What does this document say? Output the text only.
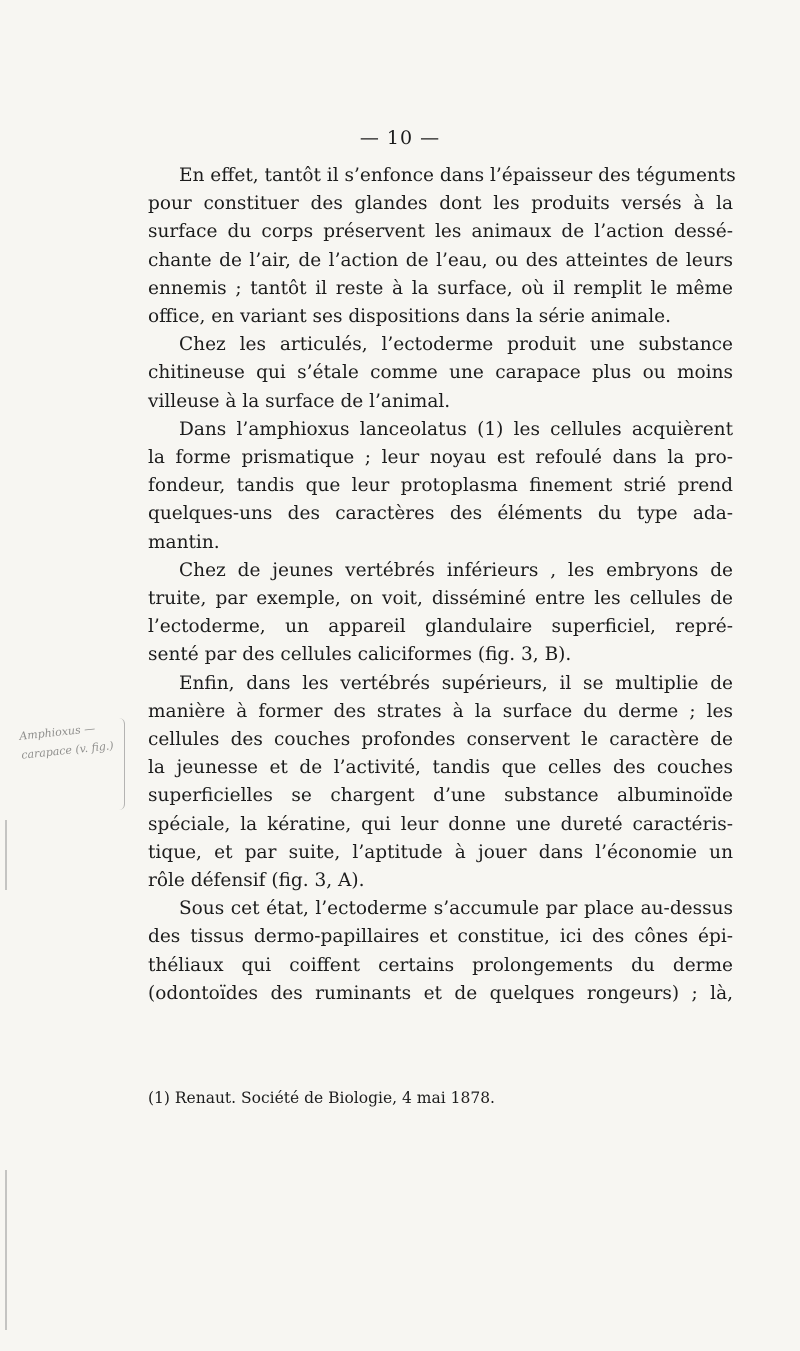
— 10 —
En effet, tantôt il s’enfonce dans l’épaisseur des téguments
pour constituer des glandes dont les produits versés à la
surface du corps préservent les animaux de l’action dessé-
chante de l’air, de l’action de l’eau, ou des atteintes de leurs
ennemis ; tantôt il reste à la surface, où il remplit le même
office, en variant ses dispositions dans la série animale.
Chez les articulés, l’ectoderme produit une substance
chitineuse qui s’étale comme une carapace plus ou moins
villeuse à la surface de l’animal.
Dans l’amphioxus lanceolatus (1) les cellules acquièrent
la forme prismatique ; leur noyau est refoulé dans la pro-
fondeur, tandis que leur protoplasma finement strié prend
quelques-uns des caractères des éléments du type ada-
mantin.
Chez de jeunes vertébrés inférieurs , les embryons de
truite, par exemple, on voit, disséminé entre les cellules de
l’ectoderme, un appareil glandulaire superficiel, repré-
senté par des cellules caliciformes (fig. 3, B).
Enfin, dans les vertébrés supérieurs, il se multiplie de
manière à former des strates à la surface du derme ; les
cellules des couches profondes conservent le caractère de
la jeunesse et de l’activité, tandis que celles des couches
superficielles se chargent d’une substance albuminoïde
spéciale, la kératine, qui leur donne une dureté caractéris-
tique, et par suite, l’aptitude à jouer dans l’économie un
rôle défensif (fig. 3, A).
Sous cet état, l’ectoderme s’accumule par place au-dessus
des tissus dermo-papillaires et constitue, ici des cônes épi-
théliaux qui coiffent certains prolongements du derme
(odontoïdes des ruminants et de quelques rongeurs) ; là,
Amphioxus — carapace (v. fig.)
(1) Renaut. Société de Biologie, 4 mai 1878.
